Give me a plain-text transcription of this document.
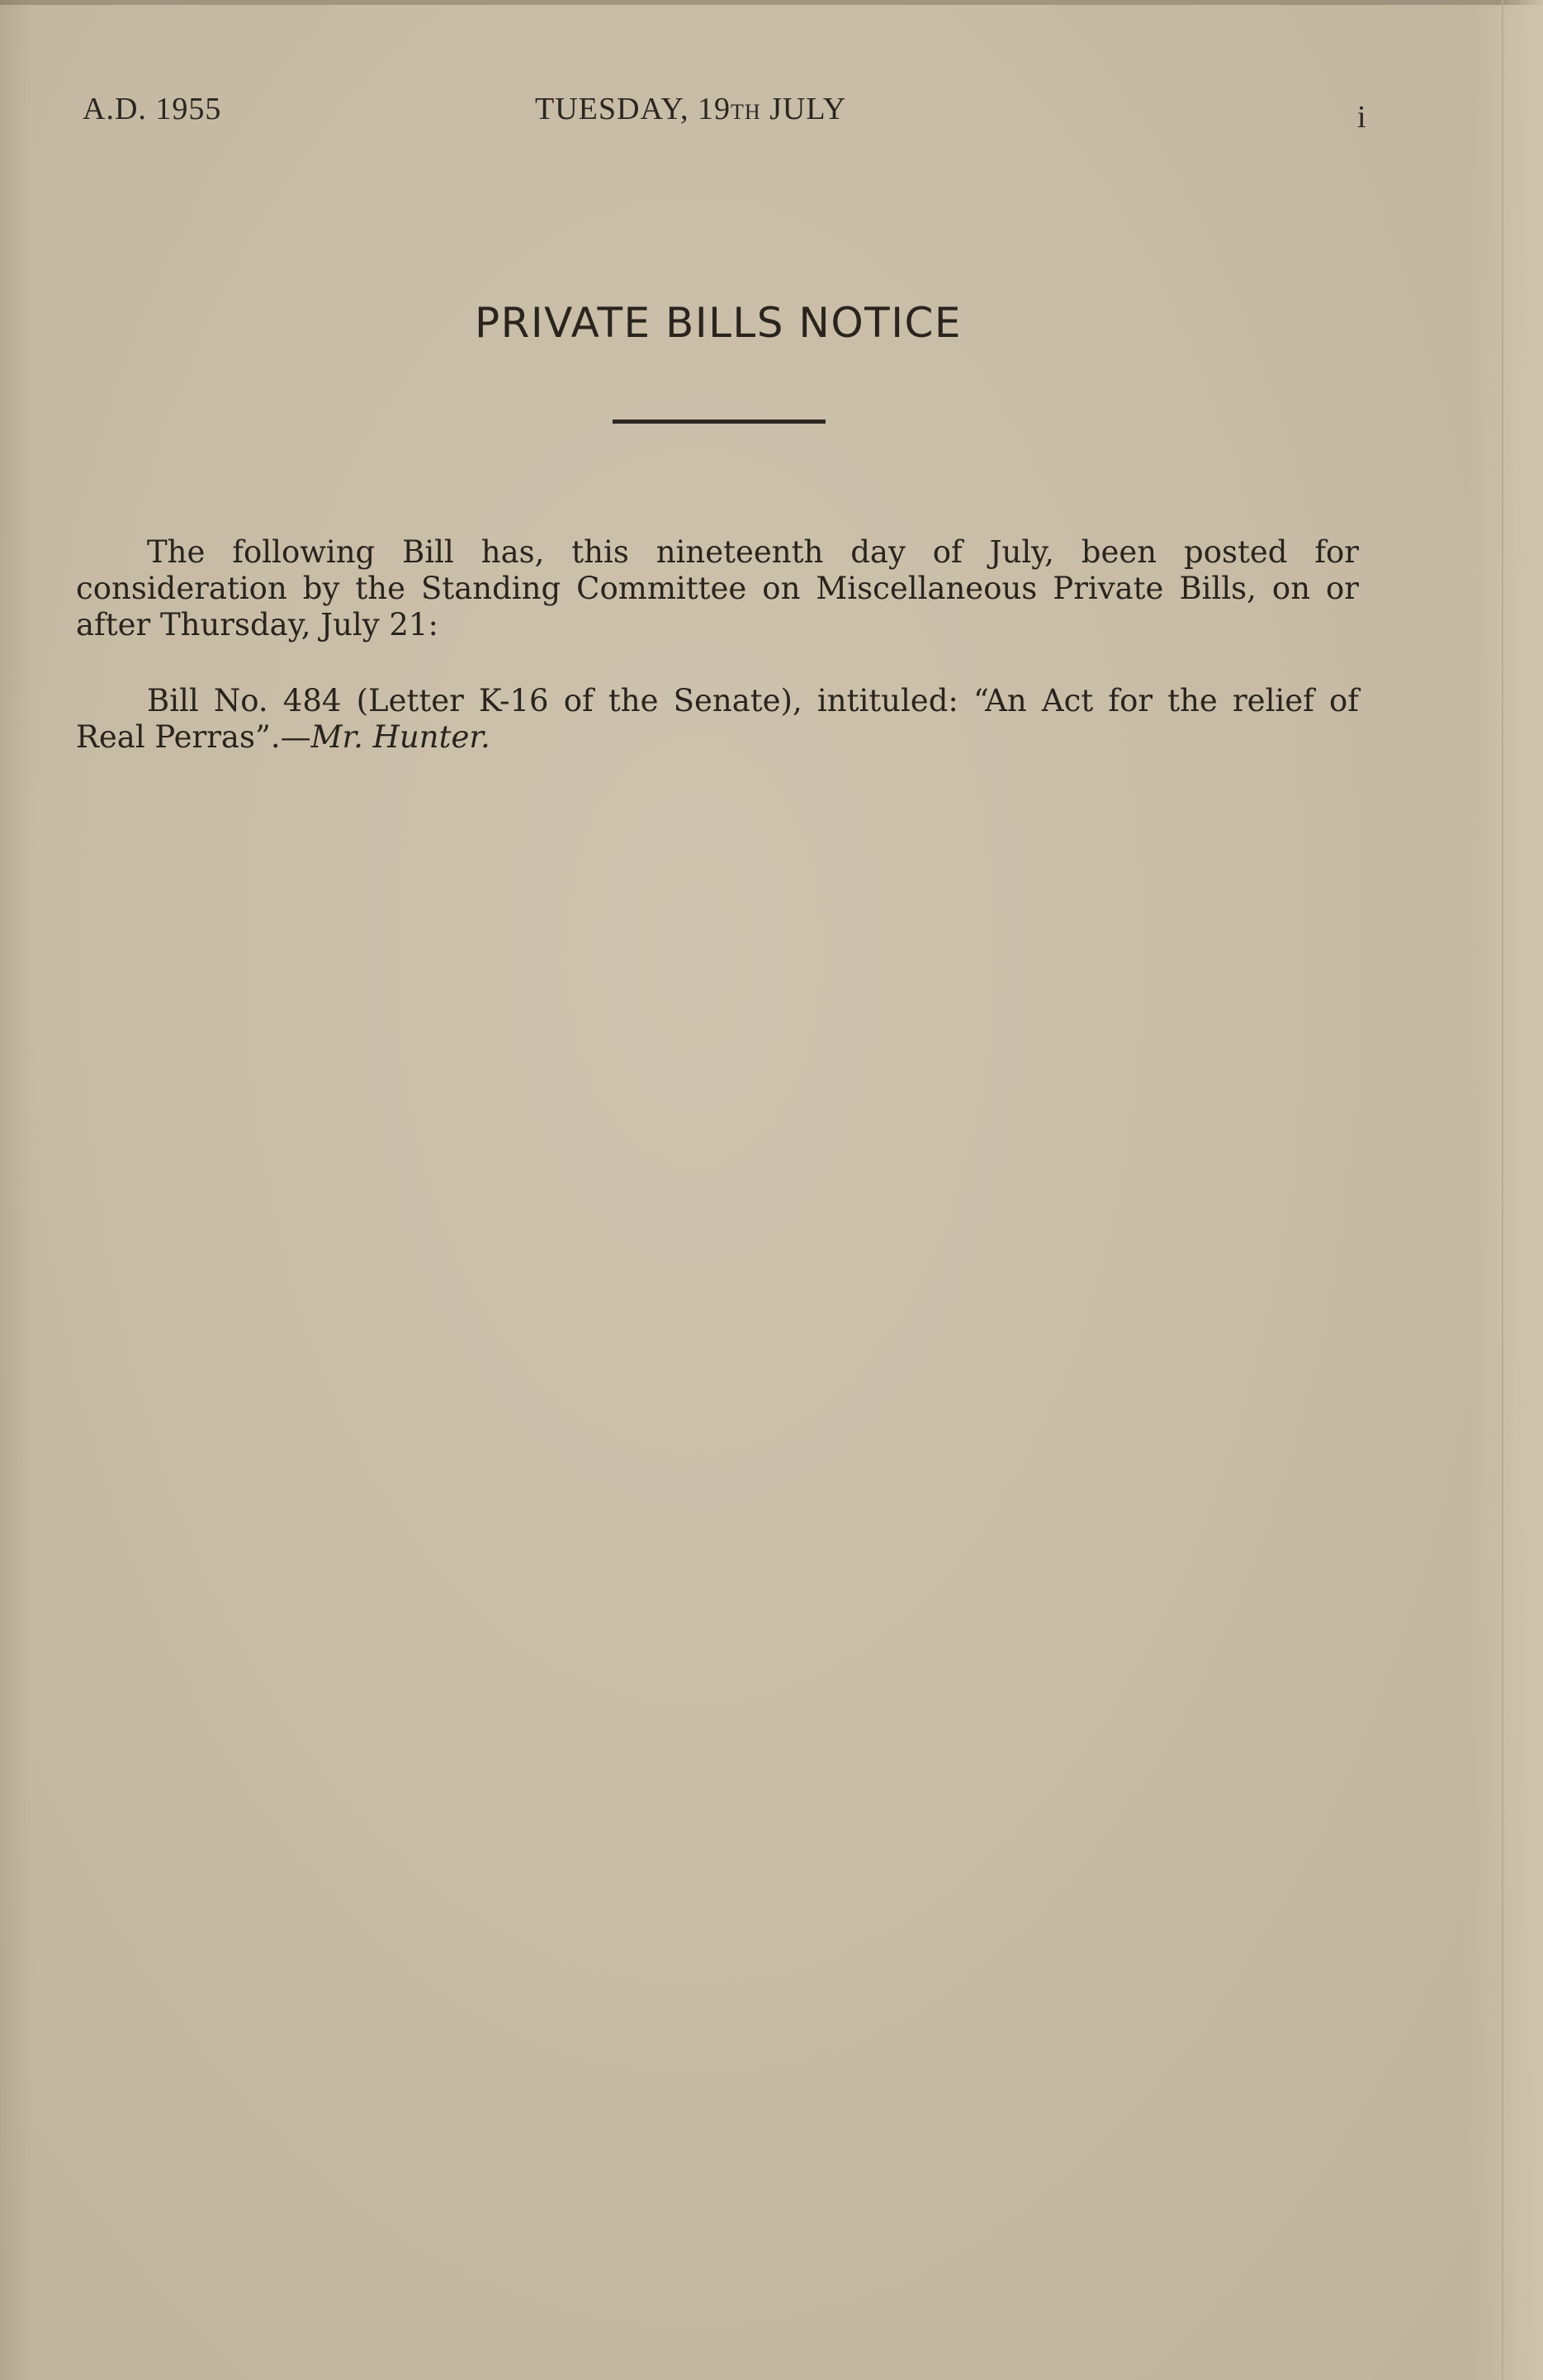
A.D. 1955	TUESDAY, 19TH JULY	i
PRIVATE BILLS NOTICE

The following Bill has, this nineteenth day of July, been posted for consideration by the Standing Committee on Miscellaneous Private Bills, on or after Thursday, July 21:

Bill No. 484 (Letter K-16 of the Senate), intituled: “An Act for the relief of Real Perras”.—Mr. Hunter.
